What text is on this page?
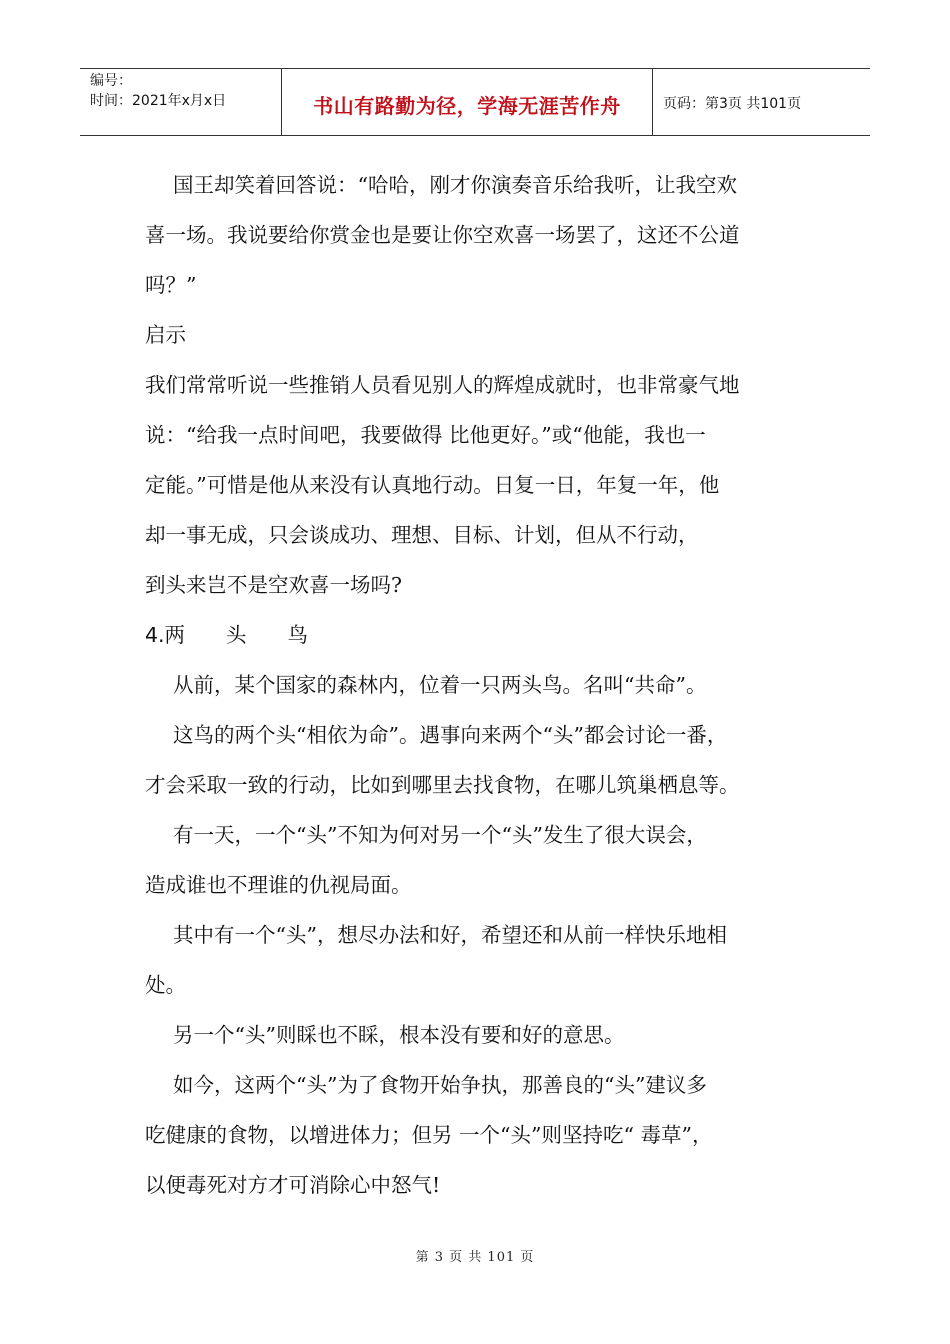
编号：
时间：2021年x月x日	书山有路勤为径，学海无涯苦作舟	页码：第3页 共101页

国王却笑着回答说：“哈哈，刚才你演奏音乐给我听，让我空欢

喜一场。我说要给你赏金也是要让你空欢喜一场罢了，这还不公道

吗？”

启示

我们常常听说一些推销人员看见别人的辉煌成就时，也非常豪气地

说：“给我一点时间吧，我要做得 比他更好。”或“他能，我也一

定能。”可惜是他从来没有认真地行动。日复一日，年复一年，他

却一事无成，只会谈成功、理想、目标、计划，但从不行动，

到头来岂不是空欢喜一场吗?

4.两　　头　　鸟

从前，某个国家的森林内，位着一只两头鸟。名叫“共命”。

这鸟的两个头“相依为命”。遇事向来两个“头”都会讨论一番，

才会采取一致的行动，比如到哪里去找食物，在哪儿筑巢栖息等。

有一天，一个“头”不知为何对另一个“头”发生了很大误会，

造成谁也不理谁的仇视局面。

其中有一个“头”，想尽办法和好，希望还和从前一样快乐地相

处。

另一个“头”则睬也不睬，根本没有要和好的意思。

如今，这两个“头”为了食物开始争执，那善良的“头”建议多

吃健康的食物，以增进体力；但另 一个“头”则坚持吃“ 毒草”，

以便毒死对方才可消除心中怒气!

第 3 页 共 101 页
